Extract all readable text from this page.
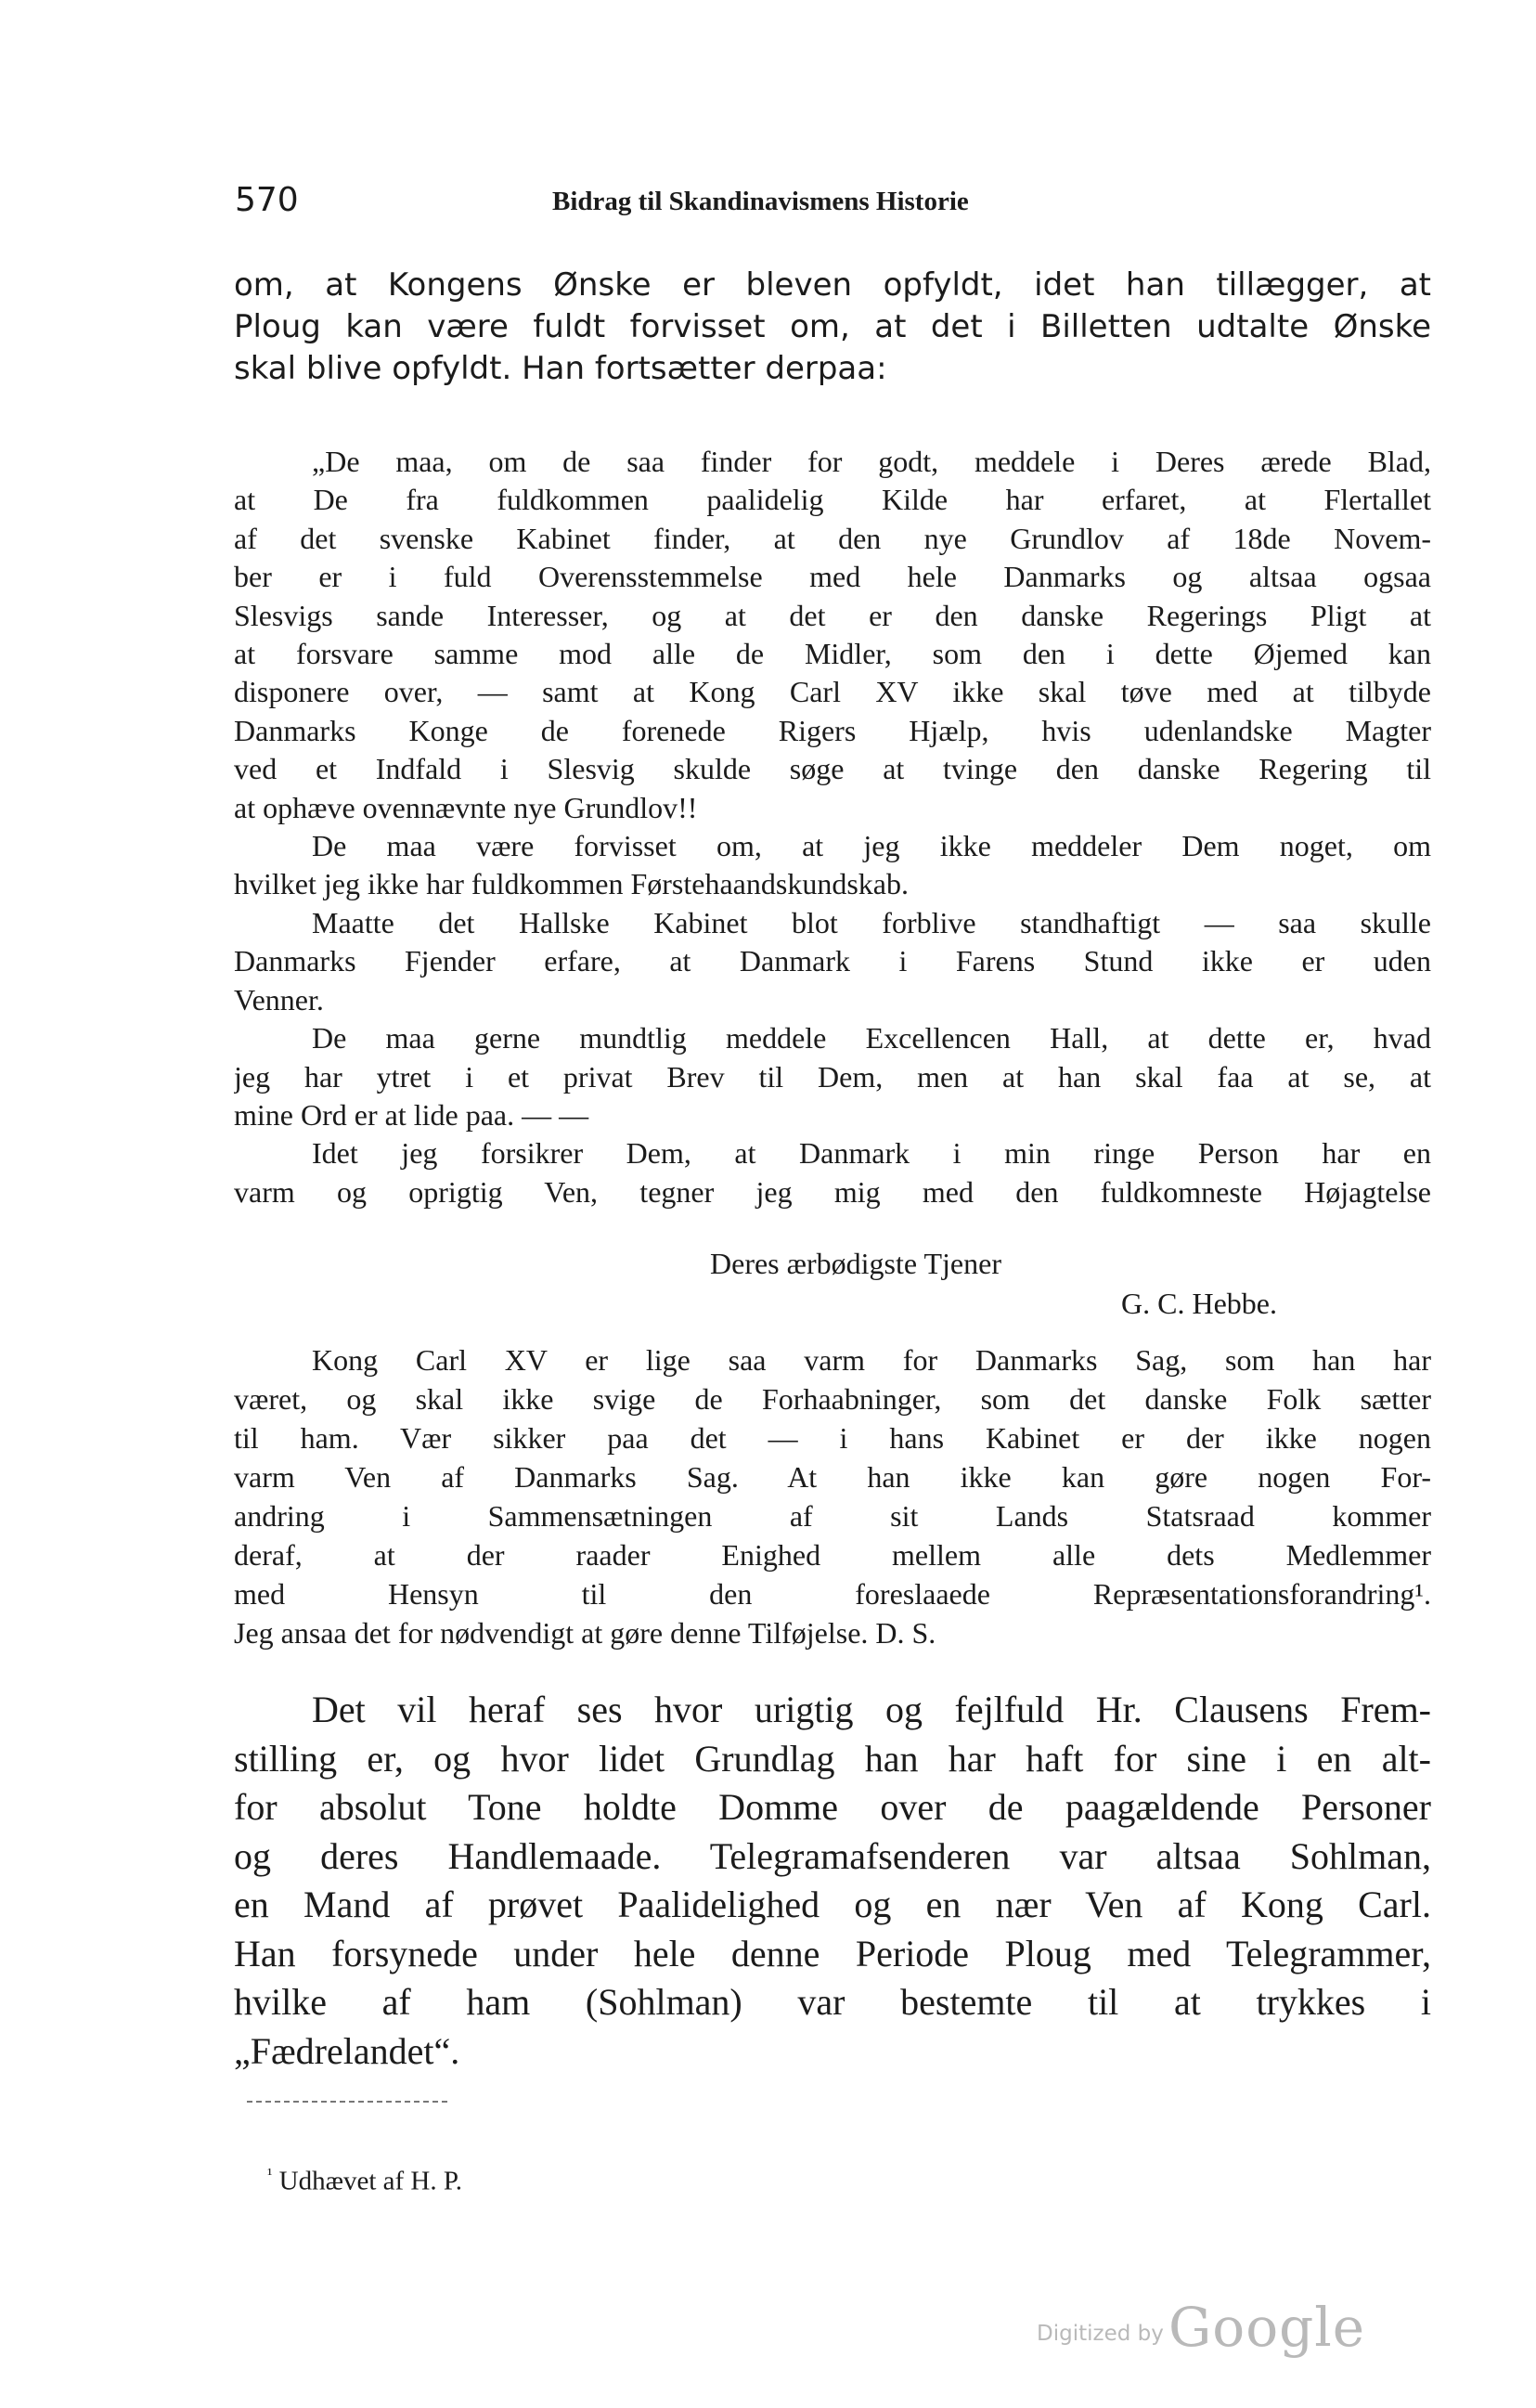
570	Bidrag til Skandinavismens Historie
om, at Kongens Ønske er bleven opfyldt, idet han tillægger, at
Ploug kan være fuldt forvisset om, at det i Billetten udtalte Ønske
skal blive opfyldt. Han fortsætter derpaa:
„De maa, om de saa finder for godt, meddele i Deres ærede Blad,
at De fra fuldkommen paalidelig Kilde har erfaret, at Flertallet
af det svenske Kabinet finder, at den nye Grundlov af 18de Novem-
ber er i fuld Overensstemmelse med hele Danmarks og altsaa ogsaa
Slesvigs sande Interesser, og at det er den danske Regerings Pligt at
at forsvare samme mod alle de Midler, som den i dette Øjemed kan
disponere over, — samt at Kong Carl XV ikke skal tøve med at tilbyde
Danmarks Konge de forenede Rigers Hjælp, hvis udenlandske Magter
ved et Indfald i Slesvig skulde søge at tvinge den danske Regering til
at ophæve ovennævnte nye Grundlov!!
De maa være forvisset om, at jeg ikke meddeler Dem noget, om
hvilket jeg ikke har fuldkommen Førstehaandskundskab.
Maatte det Hallske Kabinet blot forblive standhaftigt — saa skulle
Danmarks Fjender erfare, at Danmark i Farens Stund ikke er uden
Venner.
De maa gerne mundtlig meddele Excellencen Hall, at dette er, hvad
jeg har ytret i et privat Brev til Dem, men at han skal faa at se, at
mine Ord er at lide paa. — —
Idet jeg forsikrer Dem, at Danmark i min ringe Person har en
varm og oprigtig Ven, tegner jeg mig med den fuldkomneste Højagtelse
Deres ærbødigste Tjener
G. C. Hebbe.
Kong Carl XV er lige saa varm for Danmarks Sag, som han har
været, og skal ikke svige de Forhaabninger, som det danske Folk sætter
til ham. Vær sikker paa det — i hans Kabinet er der ikke nogen
varm Ven af Danmarks Sag. At han ikke kan gøre nogen For-
andring i Sammensætningen af sit Lands Statsraad kommer
deraf, at der raader Enighed mellem alle dets Medlemmer
med Hensyn til den foreslaaede Repræsentationsforandring¹.
Jeg ansaa det for nødvendigt at gøre denne Tilføjelse. D. S.
Det vil heraf ses hvor urigtig og fejlfuld Hr. Clausens Frem-
stilling er, og hvor lidet Grundlag han har haft for sine i en alt-
for absolut Tone holdte Domme over de paagældende Personer
og deres Handlemaade. Telegramafsenderen var altsaa Sohlman,
en Mand af prøvet Paalidelighed og en nær Ven af Kong Carl.
Han forsynede under hele denne Periode Ploug med Telegrammer,
hvilke af ham (Sohlman) var bestemte til at trykkes i
„Fædrelandet“.
$^{^1}$ Udhævet af H. P.
Digitized by Google
